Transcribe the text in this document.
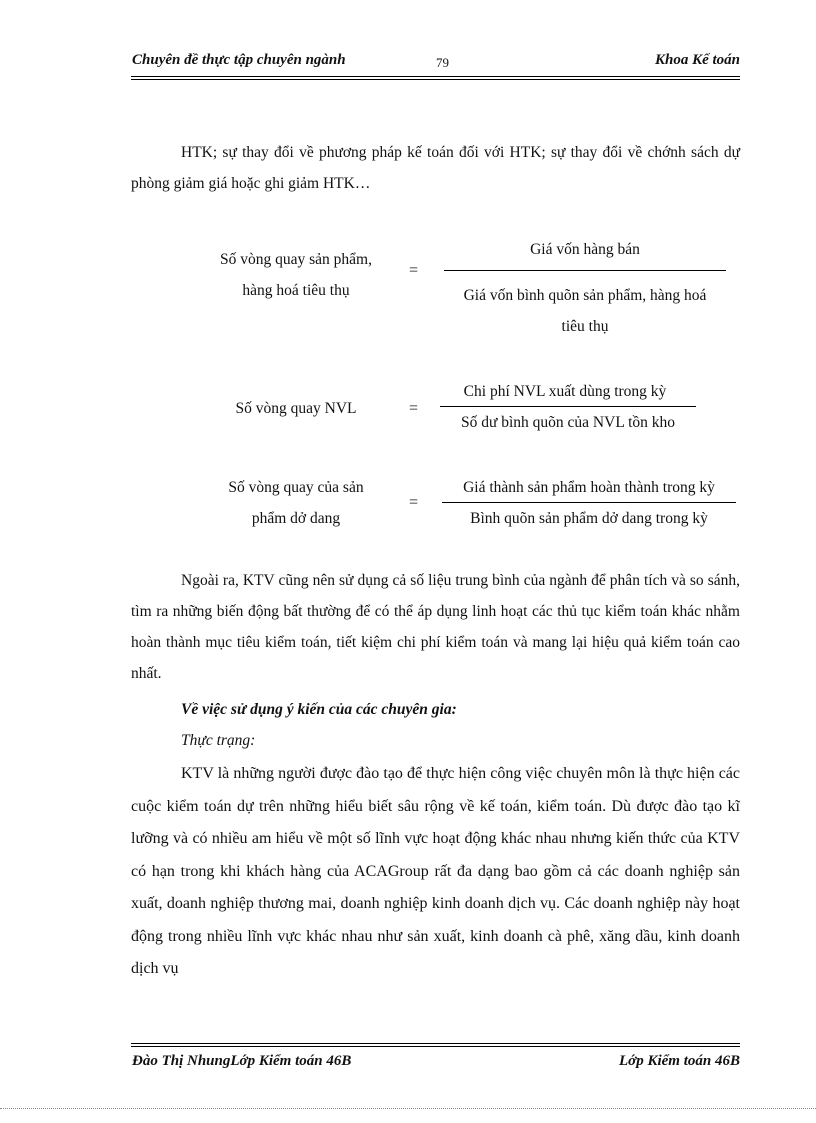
Chuyên đề thực tập chuyên ngành	79	Khoa Kế toán
HTK; sự thay đổi về phương pháp kế toán đối với HTK; sự thay đổi về chớnh sách dự phòng giảm giá hoặc ghi giảm HTK…
Số vòng quay sản phẩm,
hàng hoá tiêu thụ
=
Giá vốn hàng bán
Giá vốn bình quõn sản phẩm, hàng hoá
tiêu thụ
Số vòng quay NVL	=
Chi phí NVL xuất dùng trong kỳ
Số dư bình quõn của NVL tồn kho
Số vòng quay của sản
phẩm dở dang
=
Giá thành sản phẩm hoàn thành trong kỳ
Bình quõn sản phẩm dở dang trong kỳ
Ngoài ra, KTV cũng nên sử dụng cả số liệu trung bình của ngành để phân tích và so sánh, tìm ra những biến động bất thường để có thể áp dụng linh hoạt các thủ tục kiểm toán khác nhằm hoàn thành mục tiêu kiểm toán, tiết kiệm chi phí kiểm toán và mang lại hiệu quả kiểm toán cao nhất.
Về việc sử dụng ý kiến của các chuyên gia:
Thực trạng:
KTV là những người được đào tạo để thực hiện công việc chuyên môn là thực hiện các cuộc kiểm toán dự trên những hiểu biết sâu rộng về kế toán, kiểm toán. Dù được đào tạo kĩ lưỡng và có nhiều am hiểu về một số lĩnh vực hoạt động khác nhau nhưng kiến thức của KTV có hạn trong khi khách hàng của ACAGroup rất đa dạng bao gồm cả các doanh nghiệp sản xuất, doanh nghiệp thương mai, doanh nghiệp kinh doanh dịch vụ. Các doanh nghiệp này hoạt động trong nhiều lĩnh vực khác nhau như sản xuất, kinh doanh cà phê, xăng dầu, kinh doanh dịch vụ
Đào Thị NhungLớp Kiểm toán 46B	Lớp Kiểm toán 46B
